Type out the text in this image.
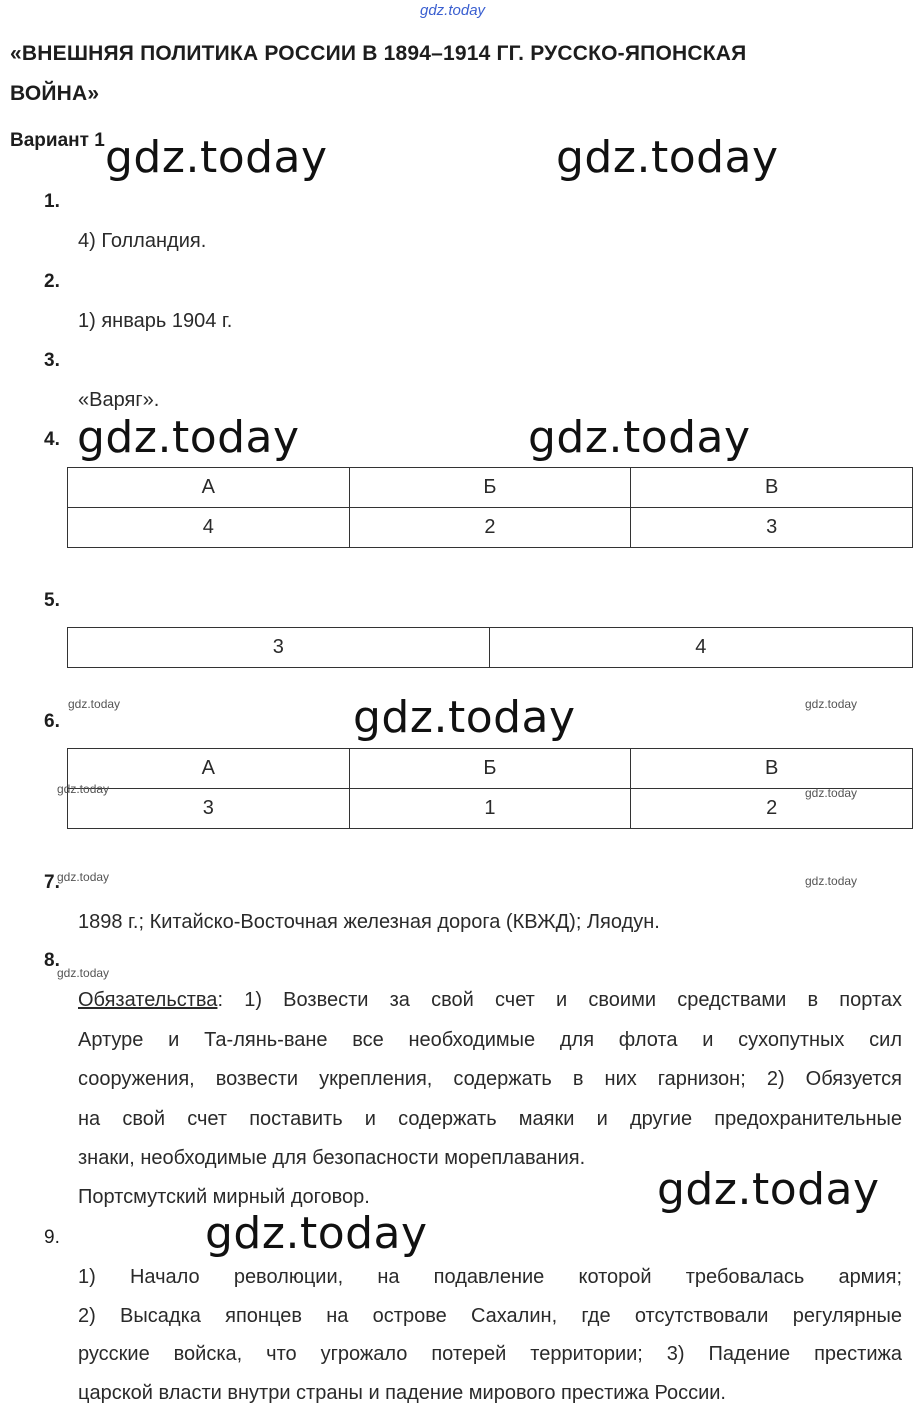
gdz.today
«ВНЕШНЯЯ ПОЛИТИКА РОССИИ В 1894–1914 ГГ. РУССКО-ЯПОНСКАЯ
ВОЙНА»
Вариант 1 gdz.today	gdz.today
1.
4) Голландия.
2.
1) январь 1904 г.
3.
«Варяг».
4. gdz.today	gdz.today
А	Б	В
4	2	3
5.
3	4
gdz.today	gdz.today
6.	gdz.today
А	Б	В
3	1	2
gdz.today	gdz.today
7.
gdz.today	gdz.today
1898 г.; Китайско-Восточная железная дорога (КВЖД); Ляодун.
8.
gdz.today
Обязательства: 1) Возвести за свой счет и своими средствами в портах
Артуре и Та-лянь-ване все необходимые для флота и сухопутных сил
сооружения, возвести укрепления, содержать в них гарнизон; 2) Обязуется
на свой счет поставить и содержать маяки и другие предохранительные
знаки, необходимые для безопасности мореплавания.
Портсмутский мирный договор.	gdz.today
9.	gdz.today
1) Начало революции, на подавление которой требовалась армия;
2) Высадка японцев на острове Сахалин, где отсутствовали регулярные
русские войска, что угрожало потерей территории; 3) Падение престижа
царской власти внутри страны и падение мирового престижа России.
